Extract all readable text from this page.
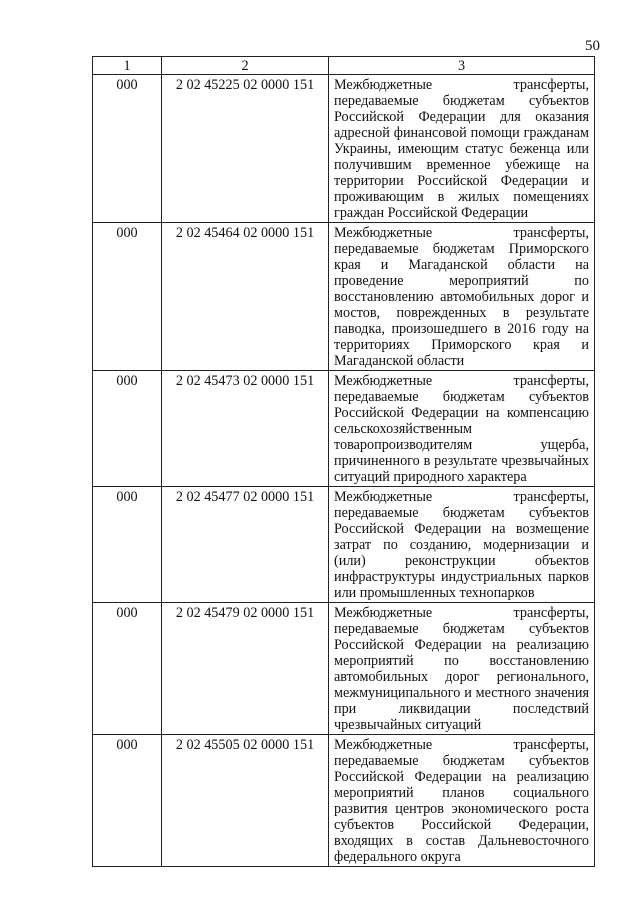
50
1	2	3
000	2 02 45225 02 0000 151	Межбюджетные трансферты, передаваемые бюджетам субъектов Российской Федерации для оказания адресной финансовой помощи гражданам Украины, имеющим статус беженца или получившим временное убежище на территории Российской Федерации и проживающим в жилых помещениях граждан Российской Федерации
000	2 02 45464 02 0000 151	Межбюджетные трансферты, передаваемые бюджетам Приморского края и Магаданской области на проведение мероприятий по восстановлению автомобильных дорог и мостов, поврежденных в результате паводка, произошедшего в 2016 году на территориях Приморского края и Магаданской области
000	2 02 45473 02 0000 151	Межбюджетные трансферты, передаваемые бюджетам субъектов Российской Федерации на компенсацию сельскохозяйственным товаропроизводителям ущерба, причиненного в результате чрезвычайных ситуаций природного характера
000	2 02 45477 02 0000 151	Межбюджетные трансферты, передаваемые бюджетам субъектов Российской Федерации на возмещение затрат по созданию, модернизации и (или) реконструкции объектов инфраструктуры индустриальных парков или промышленных технопарков
000	2 02 45479 02 0000 151	Межбюджетные трансферты, передаваемые бюджетам субъектов Российской Федерации на реализацию мероприятий по восстановлению автомобильных дорог регионального, межмуниципального и местного значения при ликвидации последствий чрезвычайных ситуаций
000	2 02 45505 02 0000 151	Межбюджетные трансферты, передаваемые бюджетам субъектов Российской Федерации на реализацию мероприятий планов социального развития центров экономического роста субъектов Российской Федерации, входящих в состав Дальневосточного федерального округа
